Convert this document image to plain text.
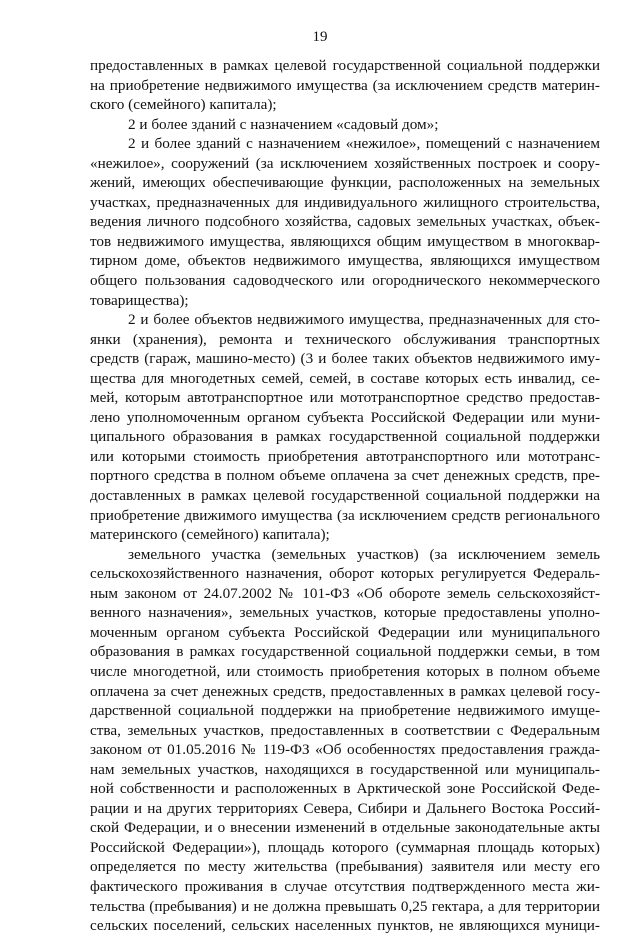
19
предоставленных в рамках целевой государственной социальной поддержки
на приобретение недвижимого имущества (за исключением средств материн-
ского (семейного) капитала);
2 и более зданий с назначением «садовый дом»;
2 и более зданий с назначением «нежилое», помещений с назначением
«нежилое», сооружений (за исключением хозяйственных построек и соору-
жений, имеющих обеспечивающие функции, расположенных на земельных
участках, предназначенных для индивидуального жилищного строительства,
ведения личного подсобного хозяйства, садовых земельных участках, объек-
тов недвижимого имущества, являющихся общим имуществом в многоквар-
тирном доме, объектов недвижимого имущества, являющихся имуществом
общего пользования садоводческого или огороднического некоммерческого
товарищества);
2 и более объектов недвижимого имущества, предназначенных для сто-
янки (хранения), ремонта и технического обслуживания транспортных
средств (гараж, машино-место) (3 и более таких объектов недвижимого иму-
щества для многодетных семей, семей, в составе которых есть инвалид, се-
мей, которым автотранспортное или мототранспортное средство предостав-
лено уполномоченным органом субъекта Российской Федерации или муни-
ципального образования в рамках государственной социальной поддержки
или которыми стоимость приобретения автотранспортного или мототранс-
портного средства в полном объеме оплачена за счет денежных средств, пре-
доставленных в рамках целевой государственной социальной поддержки на
приобретение движимого имущества (за исключением средств регионального
материнского (семейного) капитала);
земельного участка (земельных участков) (за исключением земель
сельскохозяйственного назначения, оборот которых регулируется Федераль-
ным законом от 24.07.2002 № 101-ФЗ «Об обороте земель сельскохозяйст-
венного назначения», земельных участков, которые предоставлены уполно-
моченным органом субъекта Российской Федерации или муниципального
образования в рамках государственной социальной поддержки семьи, в том
числе многодетной, или стоимость приобретения которых в полном объеме
оплачена за счет денежных средств, предоставленных в рамках целевой госу-
дарственной социальной поддержки на приобретение недвижимого имуще-
ства, земельных участков, предоставленных в соответствии с Федеральным
законом от 01.05.2016 № 119-ФЗ «Об особенностях предоставления гражда-
нам земельных участков, находящихся в государственной или муниципаль-
ной собственности и расположенных в Арктической зоне Российской Феде-
рации и на других территориях Севера, Сибири и Дальнего Востока Россий-
ской Федерации, и о внесении изменений в отдельные законодательные акты
Российской Федерации»), площадь которого (суммарная площадь которых)
определяется по месту жительства (пребывания) заявителя или месту его
фактического проживания в случае отсутствия подтвержденного места жи-
тельства (пребывания) и не должна превышать 0,25 гектара, а для территории
сельских поселений, сельских населенных пунктов, не являющихся муници-
